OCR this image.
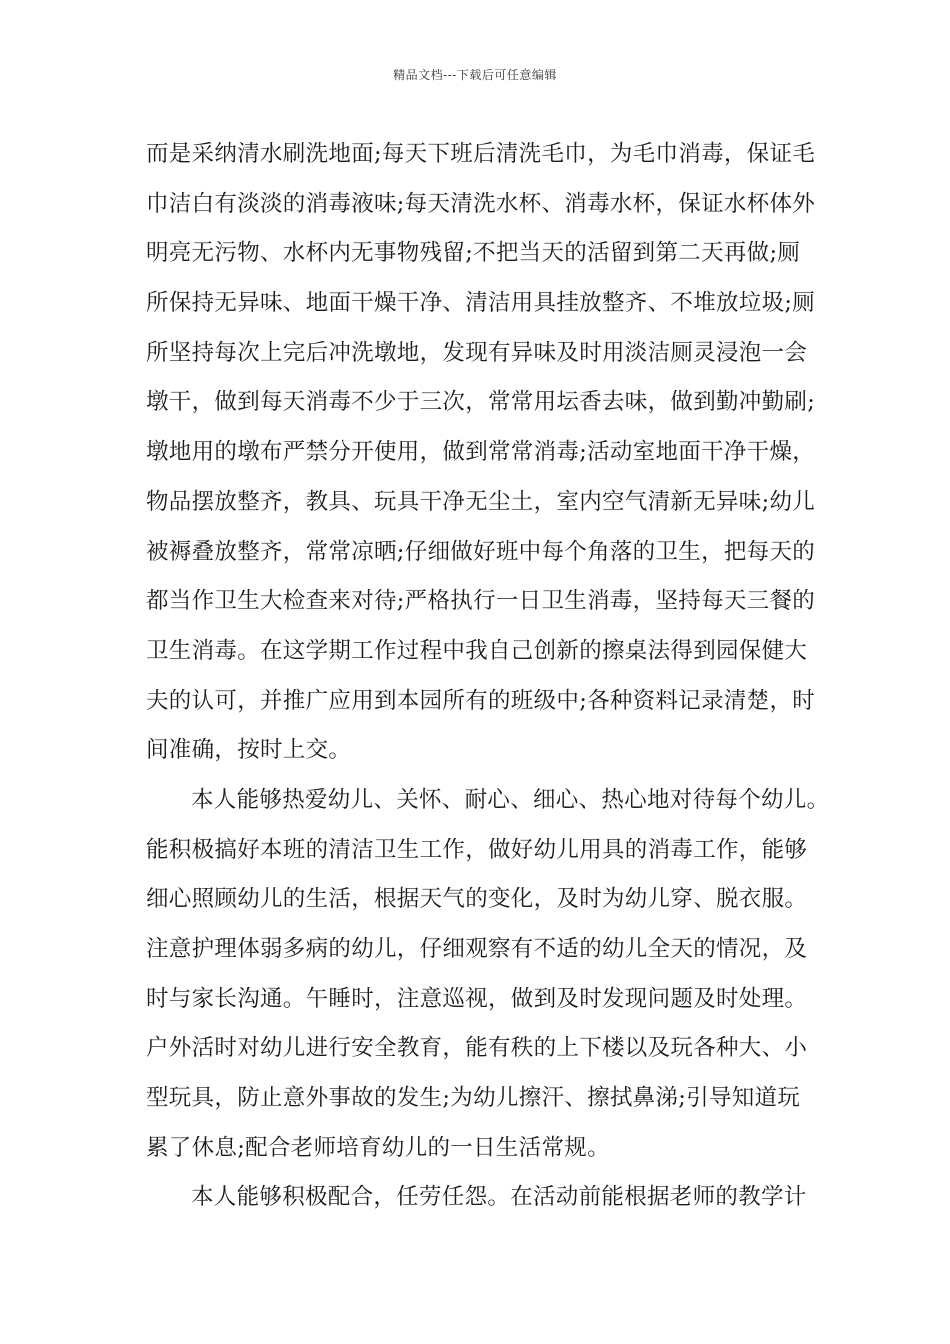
精品文档---下载后可任意编辑
而是采纳清水刷洗地面;每天下班后清洗毛巾，为毛巾消毒，保证毛
巾洁白有淡淡的消毒液味;每天清洗水杯、消毒水杯，保证水杯体外
明亮无污物、水杯内无事物残留;不把当天的活留到第二天再做;厕
所保持无异味、地面干燥干净、清洁用具挂放整齐、不堆放垃圾;厕
所坚持每次上完后冲洗墩地，发现有异味及时用淡洁厕灵浸泡一会
墩干，做到每天消毒不少于三次，常常用坛香去味，做到勤冲勤刷;
墩地用的墩布严禁分开使用，做到常常消毒;活动室地面干净干燥，
物品摆放整齐，教具、玩具干净无尘土，室内空气清新无异味;幼儿
被褥叠放整齐，常常凉晒;仔细做好班中每个角落的卫生，把每天的
都当作卫生大检查来对待;严格执行一日卫生消毒，坚持每天三餐的
卫生消毒。在这学期工作过程中我自己创新的擦桌法得到园保健大
夫的认可，并推广应用到本园所有的班级中;各种资料记录清楚，时
间准确，按时上交。
本人能够热爱幼儿、关怀、耐心、细心、热心地对待每个幼儿。
能积极搞好本班的清洁卫生工作，做好幼儿用具的消毒工作，能够
细心照顾幼儿的生活，根据天气的变化，及时为幼儿穿、脱衣服。
注意护理体弱多病的幼儿，仔细观察有不适的幼儿全天的情况，及
时与家长沟通。午睡时，注意巡视，做到及时发现问题及时处理。
户外活时对幼儿进行安全教育，能有秩的上下楼以及玩各种大、小
型玩具，防止意外事故的发生;为幼儿擦汗、擦拭鼻涕;引导知道玩
累了休息;配合老师培育幼儿的一日生活常规。
本人能够积极配合，任劳任怨。在活动前能根据老师的教学计
